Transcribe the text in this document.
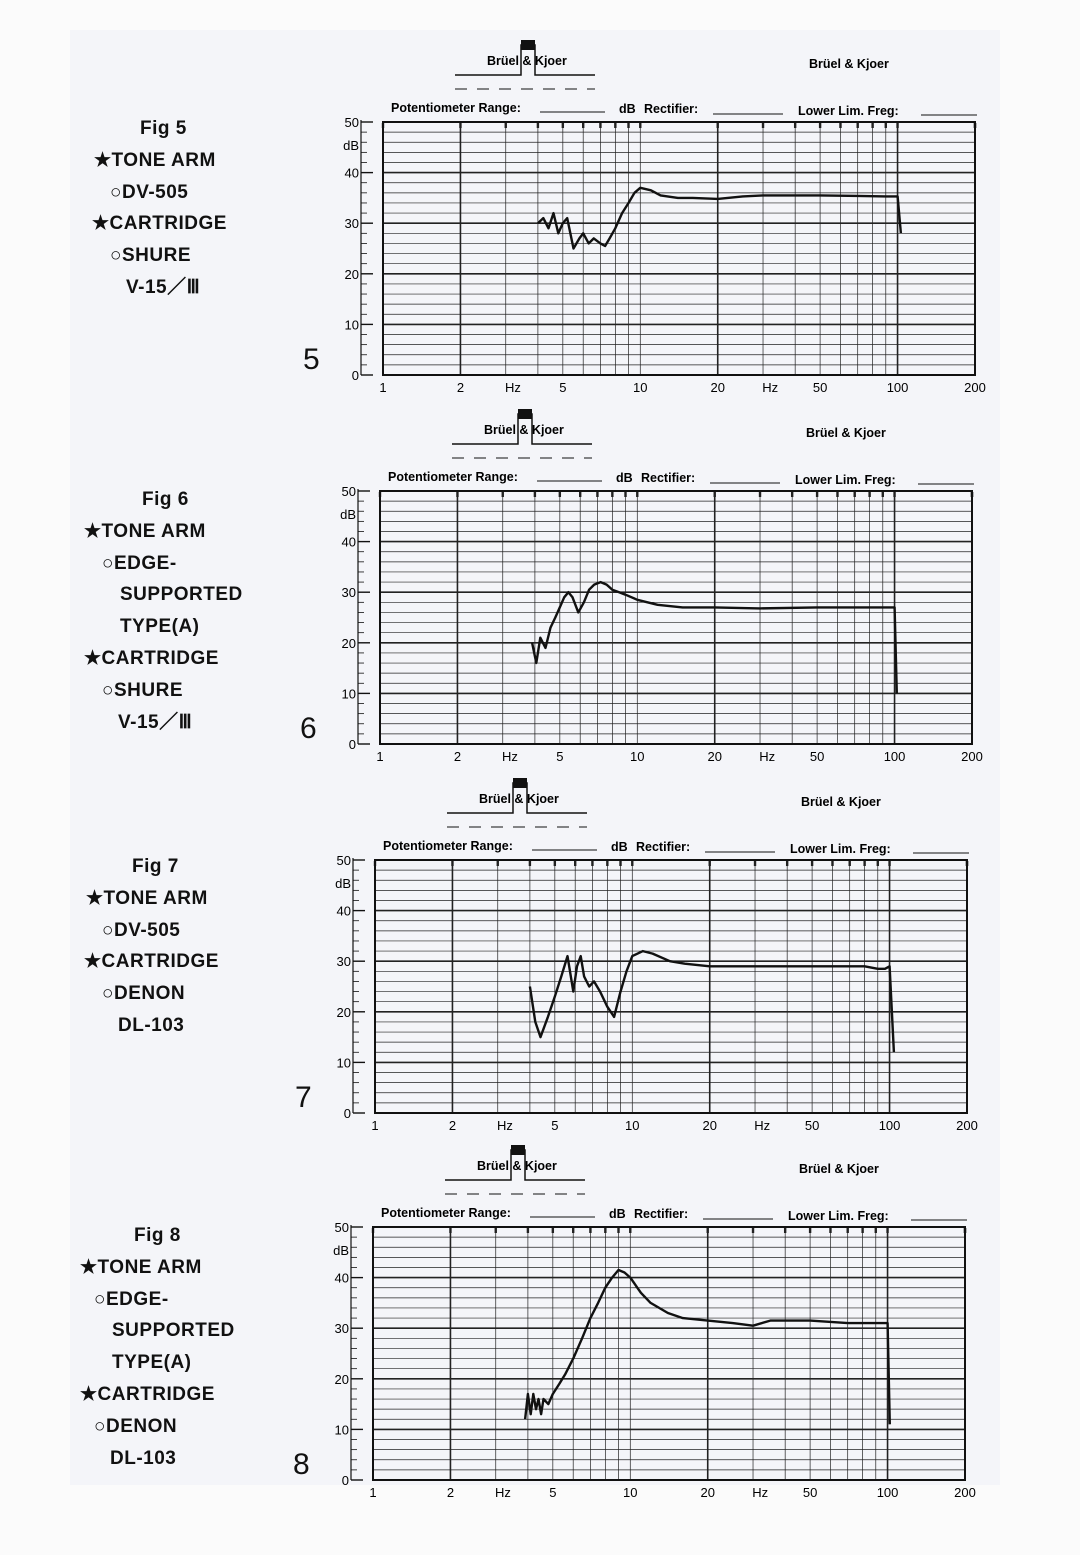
Fig 5
★TONE ARM
○DV-505
★CARTRIDGE
○SHURE
V-15／Ⅲ
5
Brüel & Kjoer	Brüel & Kjoer
Potentiometer Range:	dB Rectifier:	Lower Lim. Freg:
50
40
30
20
10
0
dB
1	2	Hz	5	10	20	Hz	50	100	200
Fig 6
★TONE ARM
○EDGE-
SUPPORTED
TYPE(A)
★CARTRIDGE
○SHURE
V-15／Ⅲ	6
Brüel & Kjoer	Brüel & Kjoer
Potentiometer Range:	dB Rectifier:	Lower Lim. Freg:
50
40
30
20
10
0
dB
1	2	Hz	5	10	20	Hz	50	100	200
Fig 7
★TONE ARM
○DV-505
★CARTRIDGE
○DENON
DL-103
7
Brüel & Kjoer	Brüel & Kjoer
Potentiometer Range:	dB Rectifier:	Lower Lim. Freg:
50
40
30
20
10
0
dB
1	2	Hz	5	10	20	Hz	50	100	200
Fig 8
★TONE ARM
○EDGE-
SUPPORTED
TYPE(A)
★CARTRIDGE
○DENON
DL-103	8
Brüel & Kjoer	Brüel & Kjoer
Potentiometer Range:	dB Rectifier:	Lower Lim. Freg:
50
40
30
20
10
0
dB
1	2	Hz	5	10	20	Hz	50	100	200
